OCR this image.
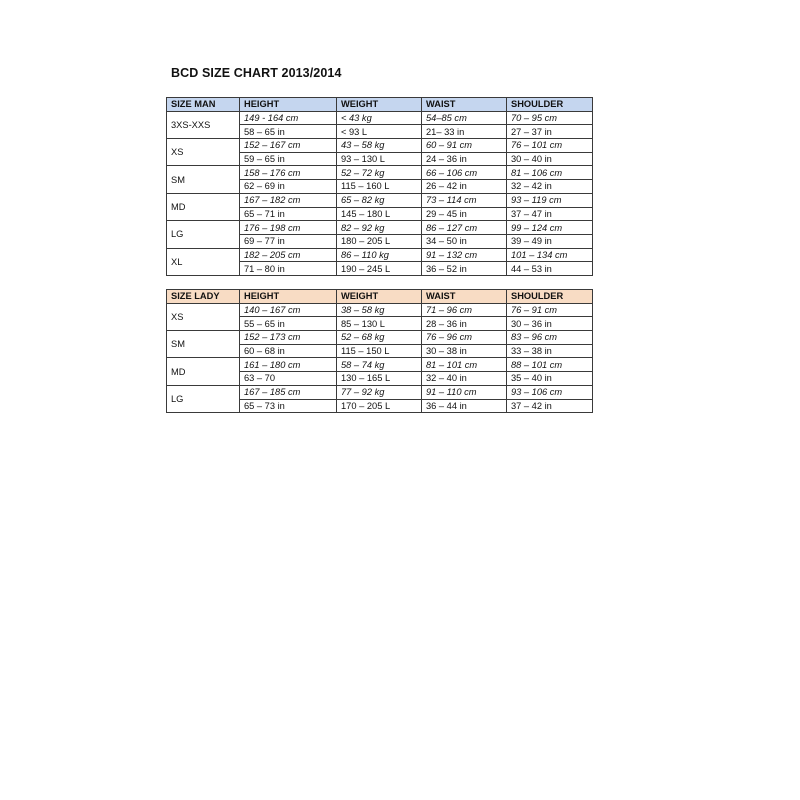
BCD SIZE CHART 2013/2014
SIZE MAN	HEIGHT	WEIGHT	WAIST	SHOULDER
3XS-XXS	149 - 164 cm	< 43 kg	54–85 cm	70 – 95 cm
	58 – 65 in	< 93 L	21– 33 in	27 – 37 in
XS	152 – 167 cm	43 – 58 kg	60 – 91 cm	76 – 101 cm
	59 – 65 in	93 – 130 L	24 – 36 in	30 – 40 in
SM	158 – 176 cm	52 – 72 kg	66 – 106 cm	81 – 106 cm
	62 – 69 in	115 – 160 L	26 – 42 in	32 – 42 in
MD	167 – 182 cm	65 – 82 kg	73 – 114 cm	93 – 119 cm
	65 – 71 in	145 – 180 L	29 – 45 in	37 – 47 in
LG	176 – 198 cm	82 – 92 kg	86 – 127 cm	99 – 124 cm
	69 – 77 in	180 – 205 L	34 – 50 in	39 – 49 in
XL	182 – 205 cm	86 – 110 kg	91 – 132 cm	101 – 134 cm
	71 – 80 in	190 – 245 L	36 – 52 in	44 – 53 in
SIZE LADY	HEIGHT	WEIGHT	WAIST	SHOULDER
XS	140 – 167 cm	38 – 58 kg	71 – 96 cm	76 – 91 cm
	55 – 65 in	85 – 130 L	28 – 36 in	30 – 36 in
SM	152 – 173 cm	52 – 68 kg	76 – 96 cm	83 – 96 cm
	60 – 68 in	115 – 150 L	30 – 38 in	33 – 38 in
MD	161 – 180 cm	58 – 74 kg	81 – 101 cm	88 – 101 cm
	63 – 70	130 – 165 L	32 – 40 in	35 – 40 in
LG	167 – 185 cm	77 – 92 kg	91 – 110 cm	93 – 106 cm
	65 – 73 in	170 – 205 L	36 – 44 in	37 – 42 in
